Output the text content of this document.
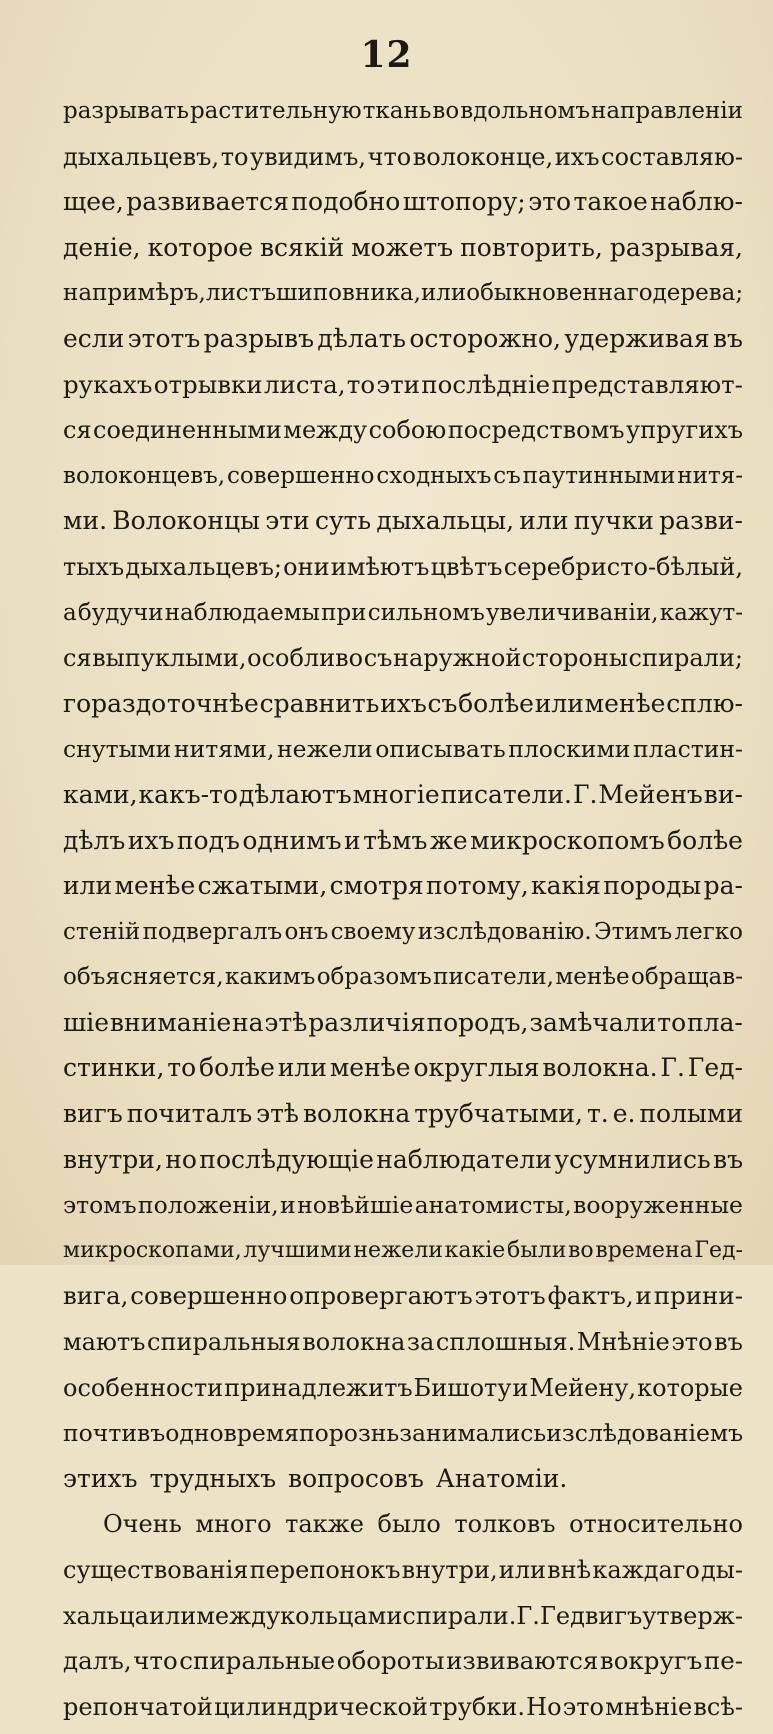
12
разрывать растительную ткань во вдольномъ направленіи
дыхальцевъ, то увидимъ, что волоконце, ихъ составляю-
щее, развивается подобно штопору; это такое наблю-
деніе, которое всякій можетъ повторить, разрывая,
на примѣръ, листъ шиповника, или обыкновеннаго дерева;
если этотъ разрывъ дѣлать осторожно, удерживая въ
рукахъ отрывки листа, то эти послѣдніе представляют-
ся соединенными между собою посредствомъ упругихъ
волоконцевъ, совершенно сходныхъ съ паутинными нитя-
ми. Волоконцы эти суть дыхальцы, или пучки разви-
тыхъ дыхальцевъ; они имѣютъ цвѣтъ серебристо-бѣлый,
а будучи наблюдаемы при сильномъ увеличиваніи, кажут-
ся выпуклыми, особливо съ наружной стороны спирали;
гораздо точнѣе сравнить ихъ съ болѣе или менѣе сплю-
снутыми нитями, нежели описывать плоскими пластин-
ками, какъ-то дѣлаютъ многіе писатели. Г. Мейенъ ви-
дѣлъ ихъ подъ однимъ и тѣмъ же микроскопомъ болѣе
или менѣе сжатыми, смотря потому, какія породы ра-
стеній подвергалъ онъ своему изслѣдованію. Этимъ легко
объясняется, какимъ образомъ писатели, менѣе обращав-
шіе вниманіе на этѣ различія породъ, замѣчали то пла-
стинки, то болѣе или менѣе округлыя волокна. Г. Гед-
вигъ почиталъ этѣ волокна трубчатыми, т. е. полыми
внутри, но послѣдующіе наблюдатели усумнились въ
этомъ положеніи, и новѣйшіе анатомисты, вооруженные
микроскопами, лучшими нежели какіе были во времена Гед-
вига, совершенно опровергаютъ этотъ фактъ, и прини-
маютъ спиральныя волокна за сплошныя. Мнѣніе это въ
особенности принадлежитъ Бишоту и Мейену, которые
почти въ одно время порознь занимались изслѣдованіемъ
этихъ трудныхъ вопросовъ Анатоміи.
Очень много также было толковъ относительно
существованія перепонокъ внутри, или внѣ каждаго ды-
хальца или между кольцами спирали. Г. Гедвигъ утверж-
далъ, что спиральные обороты извиваются вокругъ пе-
репончатой цилиндрической трубки. Но это мнѣніе всѣ-
